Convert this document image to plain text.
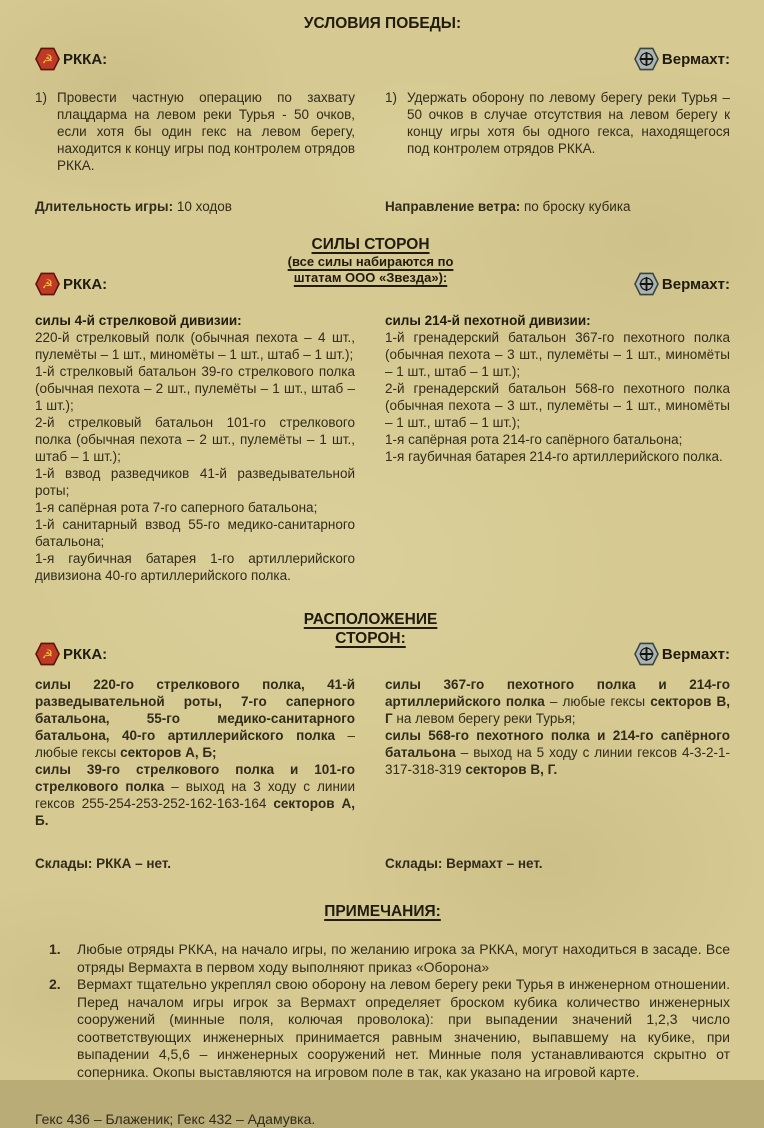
УСЛОВИЯ ПОБЕДЫ:
☭ РККА:	Вермахт:
1) Провести частную операцию по захвату плацдарма на левом реки Турья - 50 очков, если хотя бы один гекс на левом берегу, находится к концу игры под контролем отрядов РККА.

1) Удержать оборону по левому берегу реки Турья – 50 очков в случае отсутствия на левом берегу к концу игры хотя бы одного гекса, находящегося под контролем отрядов РККА.

Длительность игры: 10 ходов	Направление ветра: по броску кубика

☭ РККА:
СИЛЫ СТОРОН
(все силы набираются по
штатам ООО «Звезда»):	Вермахт:

силы 4-й стрелковой дивизии:

220-й стрелковый полк (обычная пехота – 4 шт., пулемёты – 1 шт., миномёты – 1 шт., штаб – 1 шт.);

1-й стрелковый батальон 39-го стрелкового полка (обычная пехота – 2 шт., пулемёты – 1 шт., штаб – 1 шт.);

2-й стрелковый батальон 101-го стрелкового полка (обычная пехота – 2 шт., пулемёты – 1 шт., штаб – 1 шт.);

1-й взвод разведчиков 41-й разведывательной роты;

1-я сапёрная рота 7-го саперного батальона;

1-й санитарный взвод 55-го медико-санитарного батальона;

1-я гаубичная батарея 1-го артиллерийского дивизиона 40-го артиллерийского полка.

силы 214-й пехотной дивизии:

1-й гренадерский батальон 367-го пехотного полка (обычная пехота – 3 шт., пулемёты – 1 шт., миномёты – 1 шт., штаб – 1 шт.);

2-й гренадерский батальон 568-го пехотного полка (обычная пехота – 3 шт., пулемёты – 1 шт., миномёты – 1 шт., штаб – 1 шт.);

1-я сапёрная рота 214-го сапёрного батальона;

1-я гаубичная батарея 214-го артиллерийского полка.

☭ РККА:
РАСПОЛОЖЕНИЕ
СТОРОН:
Вермахт:

силы 220-го стрелкового полка, 41-й разведывательной роты, 7-го саперного батальона, 55-го медико-санитарного батальона, 40-го артиллерийского полка – любые гексы секторов А, Б;

силы 39-го стрелкового полка и 101-го стрелкового полка – выход на 3 ходу с линии гексов 255-254-253-252-162-163-164 секторов А, Б.

силы 367-го пехотного полка и 214-го артиллерийского полка – любые гексы секторов В, Г на левом берегу реки Турья;

силы 568-го пехотного полка и 214-го сапёрного батальона – выход на 5 ходу с линии гексов 4-3-2-1-317-318-319 секторов В, Г.

Склады: РККА – нет.	Склады: Вермахт – нет.

ПРИМЕЧАНИЯ:
1.	Любые отряды РККА, на начало игры, по желанию игрока за РККА, могут находиться в засаде. Все отряды Вермахта в первом ходу выполняют приказ «Оборона»

2.	Вермахт тщательно укреплял свою оборону на левом берегу реки Турья в инженерном отношении. Перед началом игры игрок за Вермахт определяет броском кубика количество инженерных сооружений (минные поля, колючая проволока): при выпадении значений 1,2,3 число соответствующих инженерных принимается равным значению, выпавшему на кубике, при выпадении 4,5,6 – инженерных сооружений нет. Минные поля устанавливаются скрытно от соперника. Окопы выставляются на игровом поле в так, как указано на игровой карте.

Гекс 436 – Блаженик; Гекс 432 – Адамувка.
